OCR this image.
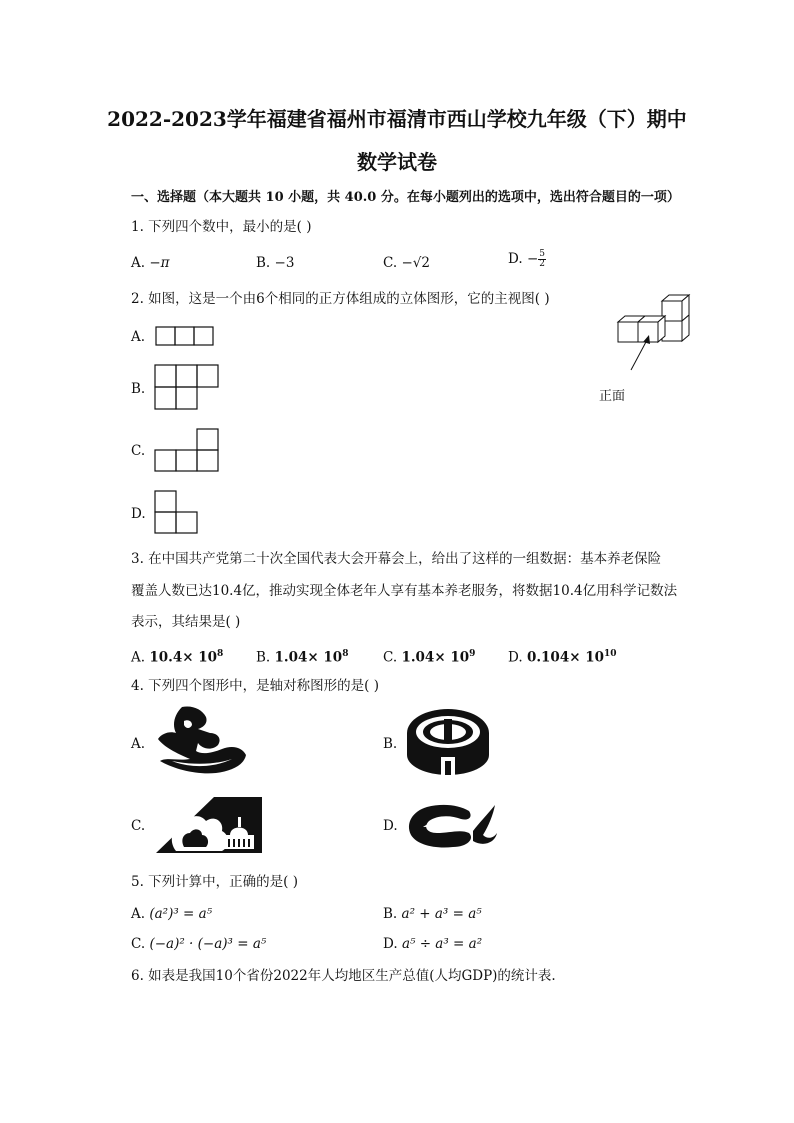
2022-2023学年福建省福州市福清市西山学校九年级（下）期中
数学试卷
一、选择题（本大题共 10 小题，共 40.0 分。在每小题列出的选项中，选出符合题目的一项）
1. 下列四个数中，最小的是( )
A. −π	B. −3	C. −√2	D. − $\frac{5}{2}$
2. 如图，这是一个由6个相同的正方体组成的立体图形，它的主视图( )
A.
B.
C.
D.
正面
3. 在中国共产党第二十次全国代表大会开幕会上，给出了这样的一组数据：基本养老保险
覆盖人数已达10.4亿，推动实现全体老年人享有基本养老服务，将数据10.4亿用科学记数法
表示，其结果是( )
A. $10.4\times 10^8$ B. $1.04\times 10^8$	C. $1.04\times 10^9$ D. $0.104\times 10^{10}$
4. 下列四个图形中，是轴对称图形的是( )
A.	B.
C.	D.
5. 下列计算中，正确的是( )
A. (a²)³ = a⁵	B. a² + a³ = a⁵
C. (−a)² · (−a)³ = a⁵	D. a⁵ ÷ a³ = a²
6. 如表是我国10个省份2022年人均地区生产总值(人均GDP)的统计表.
